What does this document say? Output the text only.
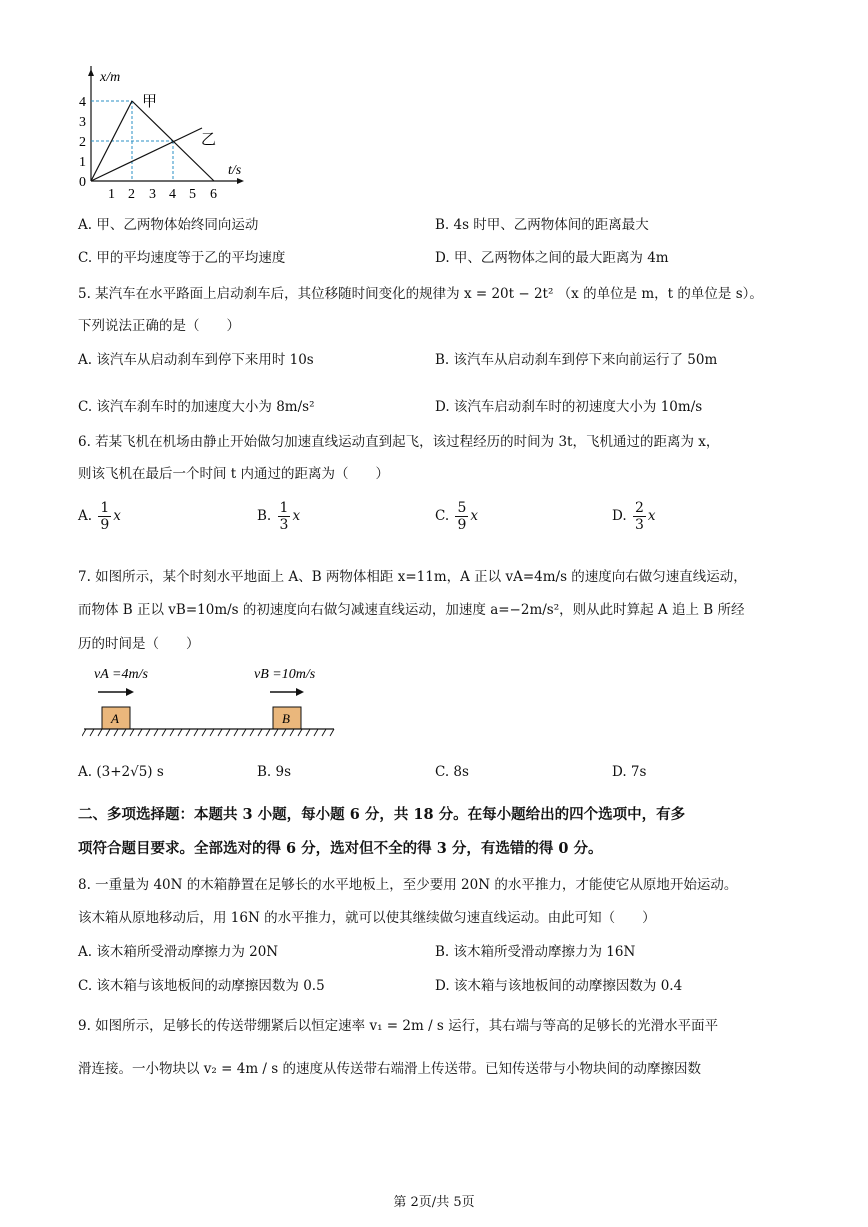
x/m
t/s
4
3
2
1
0
1 2 3 4 5 6
甲
乙
A. 甲、乙两物体始终同向运动	B. 4s 时甲、乙两物体间的距离最大
C. 甲的平均速度等于乙的平均速度	D. 甲、乙两物体之间的最大距离为 4m
5. 某汽车在水平路面上启动刹车后，其位移随时间变化的规律为 x = 20t − 2t² （x 的单位是 m，t 的单位是 s）。
下列说法正确的是（　　）
A. 该汽车从启动刹车到停下来用时 10s	B. 该汽车从启动刹车到停下来向前运行了 50m
C. 该汽车刹车时的加速度大小为 8m/s²	D. 该汽车启动刹车时的初速度大小为 10m/s
6. 若某飞机在机场由静止开始做匀加速直线运动直到起飞，该过程经历的时间为 3t，飞机通过的距离为 x，
则该飞机在最后一个时间 t 内通过的距离为（　　）
A. $\frac{1}{9}$ x	B. $\frac{1}{3}$ x	C. $\frac{5}{9}$ x	D. $\frac{2}{3}$ x
7. 如图所示，某个时刻水平地面上 A、B 两物体相距 x=11m，A 正以 vA=4m/s 的速度向右做匀速直线运动，
而物体 B 正以 vB=10m/s 的初速度向右做匀减速直线运动，加速度 a=−2m/s²，则从此时算起 A 追上 B 所经
历的时间是（　　）
vA =4m/s	vB =10m/s
A	B
A. (3+2√5) s	B. 9s	C. 8s	D. 7s
二、多项选择题：本题共 3 小题，每小题 6 分，共 18 分。在每小题给出的四个选项中，有多
项符合题目要求。全部选对的得 6 分，选对但不全的得 3 分，有选错的得 0 分。
8. 一重量为 40N 的木箱静置在足够长的水平地板上，至少要用 20N 的水平推力，才能使它从原地开始运动。
该木箱从原地移动后，用 16N 的水平推力，就可以使其继续做匀速直线运动。由此可知（　　）
A. 该木箱所受滑动摩擦力为 20N	B. 该木箱所受滑动摩擦力为 16N
C. 该木箱与该地板间的动摩擦因数为 0.5	D. 该木箱与该地板间的动摩擦因数为 0.4
9. 如图所示，足够长的传送带绷紧后以恒定速率 v₁ = 2m / s 运行，其右端与等高的足够长的光滑水平面平
滑连接。一小物块以 v₂ = 4m / s 的速度从传送带右端滑上传送带。已知传送带与小物块间的动摩擦因数
第 2页/共 5页
